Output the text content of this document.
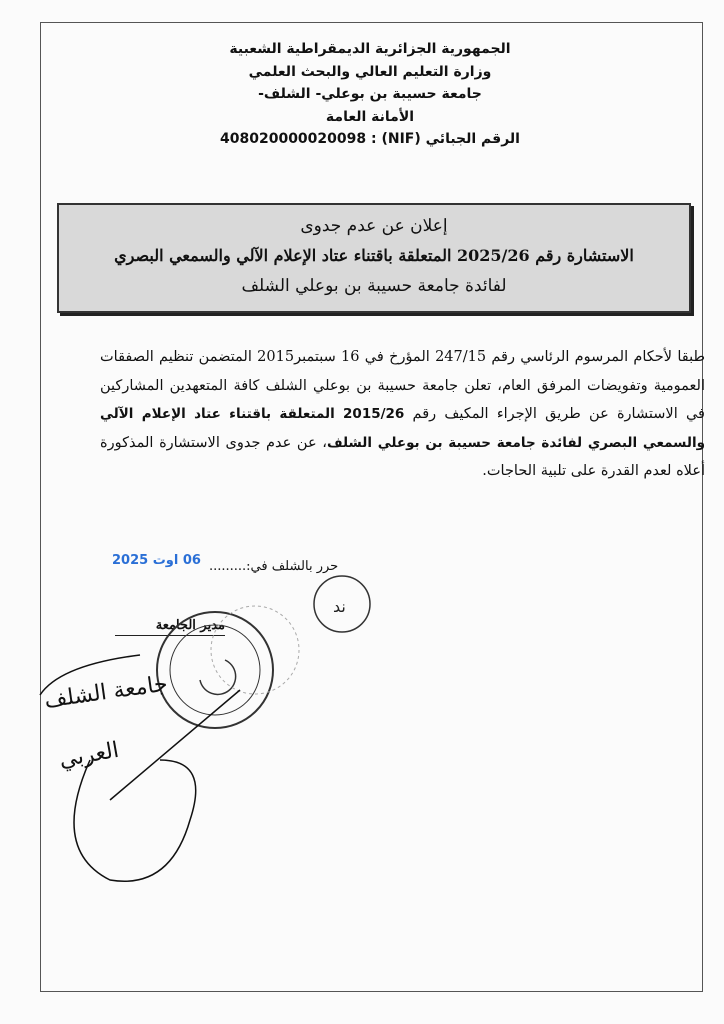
الجمهورية الجزائرية الديمقراطية الشعبية
وزارة التعليم العالي والبحث العلمي
جامعة حسيبة بن بوعلي- الشلف-
الأمانة العامة
الرقم الجبائي (NIF) : 408020000020098
إعلان عن عدم جدوى
الاستشارة رقم 2025/26 المتعلقة باقتناء عتاد الإعلام الآلي والسمعي البصري
لفائدة جامعة حسيبة بن بوعلي الشلف
طبقا لأحكام المرسوم الرئاسي رقم 247/15 المؤرخ في 16 سبتمبر2015 المتضمن تنظيم الصفقات العمومية وتفويضات المرفق العام، تعلن جامعة حسيبة بن بوعلي الشلف كافة المتعهدين المشاركين في الاستشارة عن طريق الإجراء المكيف رقم 2015/26 المتعلقة باقتناء عتاد الإعلام الآلي والسمعي البصري لفائدة جامعة حسيبة بن بوعلي الشلف، عن عدم جدوى الاستشارة المذكورة أعلاه لعدم القدرة على تلبية الحاجات.
06 اوت 2025 حرر بالشلف في:.........
مدير الجامعة
ند
جامعة الشلف
العربي
